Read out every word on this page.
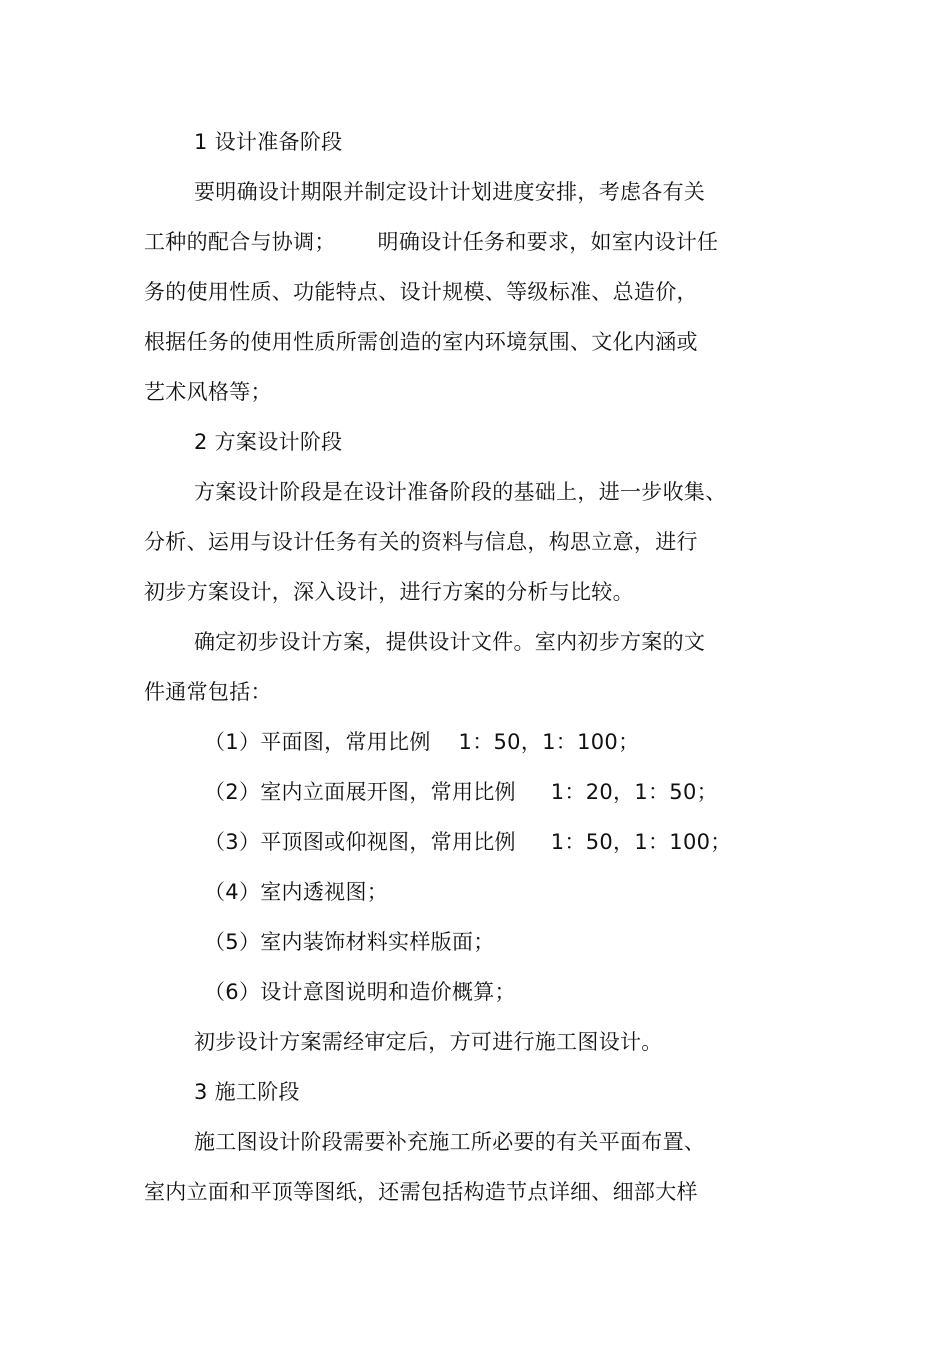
1 设计准备阶段
要明确设计期限并制定设计计划进度安排，考虑各有关
工种的配合与协调；      明确设计任务和要求，如室内设计任
务的使用性质、功能特点、设计规模、等级标准、总造价，
根据任务的使用性质所需创造的室内环境氛围、文化内涵或
艺术风格等；
2 方案设计阶段
方案设计阶段是在设计准备阶段的基础上，进一步收集、
分析、运用与设计任务有关的资料与信息，构思立意，进行
初步方案设计，深入设计，进行方案的分析与比较。
确定初步设计方案，提供设计文件。室内初步方案的文
件通常包括：
（1）平面图，常用比例    1：50，1：100；
（2）室内立面展开图，常用比例     1：20，1：50；
（3）平顶图或仰视图，常用比例     1：50，1：100；
（4）室内透视图；
（5）室内装饰材料实样版面；
（6）设计意图说明和造价概算；
初步设计方案需经审定后，方可进行施工图设计。
3 施工阶段
施工图设计阶段需要补充施工所必要的有关平面布置、
室内立面和平顶等图纸，还需包括构造节点详细、细部大样
